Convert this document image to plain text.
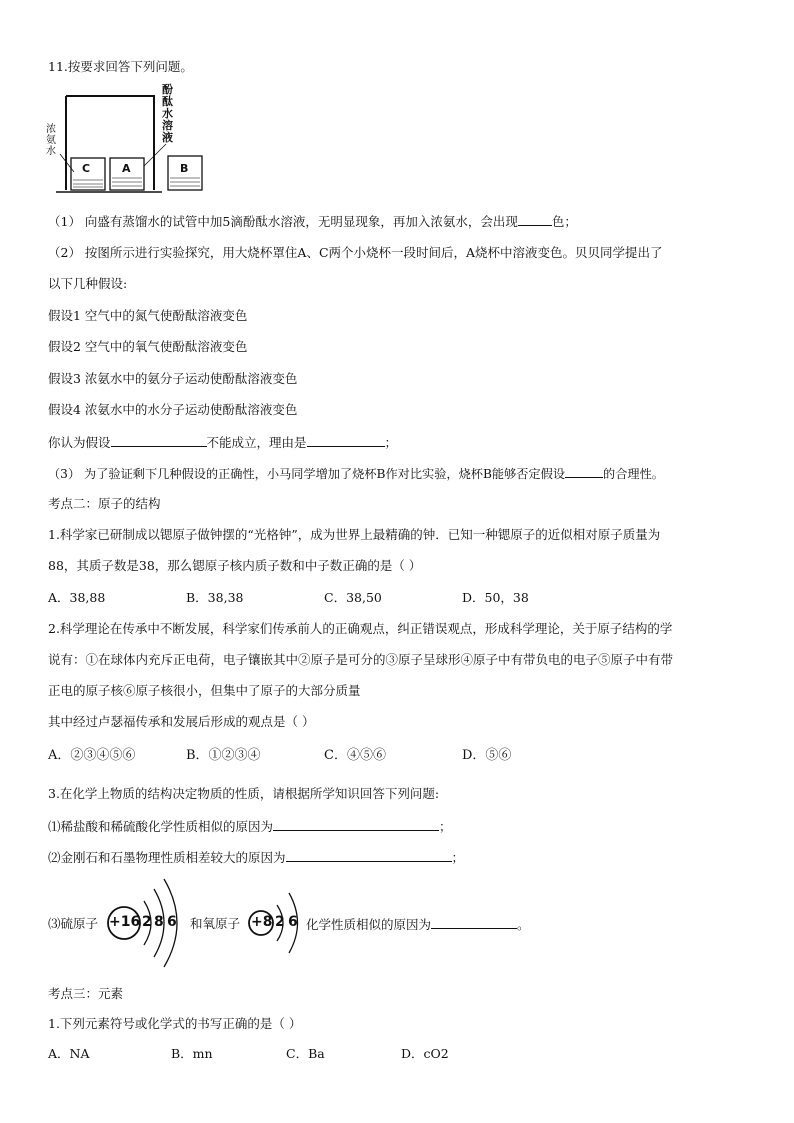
11.按要求回答下列问题。
C	A	B
浓氨水
酚酞水溶液
（1） 向盛有蒸馏水的试管中加5滴酚酞水溶液，无明显现象，再加入浓氨水，会出现	色；
（2） 按图所示进行实验探究，用大烧杯罩住A、C两个小烧杯一段时间后，A烧杯中溶液变色。贝贝同学提出了
以下几种假设:
假设1 空气中的氮气使酚酞溶液变色
假设2 空气中的氧气使酚酞溶液变色
假设3 浓氨水中的氨分子运动使酚酞溶液变色
假设4 浓氨水中的水分子运动使酚酞溶液变色
你认为假设	不能成立，理由是	；
（3） 为了验证剩下几种假设的正确性，小马同学增加了烧杯B作对比实验，烧杯B能够否定假设	的合理性。
考点二：原子的结构
1.科学家已研制成以锶原子做钟摆的“光格钟”，成为世界上最精确的钟．已知一种锶原子的近似相对原子质量为
88，其质子数是38，那么锶原子核内质子数和中子数正确的是（ ）
A．38,88	B．38,38	C．38,50	D．50，38
2.科学理论在传承中不断发展，科学家们传承前人的正确观点，纠正错误观点，形成科学理论，关于原子结构的学
说有：①在球体内充斥正电荷，电子镶嵌其中②原子是可分的③原子呈球形④原子中有带负电的电子⑤原子中有带
正电的原子核⑥原子核很小，但集中了原子的大部分质量
其中经过卢瑟福传承和发展后形成的观点是（ ）
A．②③④⑤⑥	B．①②③④	C．④⑤⑥	D．⑤⑥
3.在化学上物质的结构决定物质的性质，请根据所学知识回答下列问题:
⑴稀盐酸和稀硫酸化学性质相似的原因为	；
⑵金刚石和石墨物理性质相差较大的原因为	；
⑶硫原子 +16 2 8 6 和氧原子 +8 2 6 化学性质相似的原因为	。
考点三：元素
1.下列元素符号或化学式的书写正确的是（ ）
A．NA	B．mn	C．Ba	D．cO2
